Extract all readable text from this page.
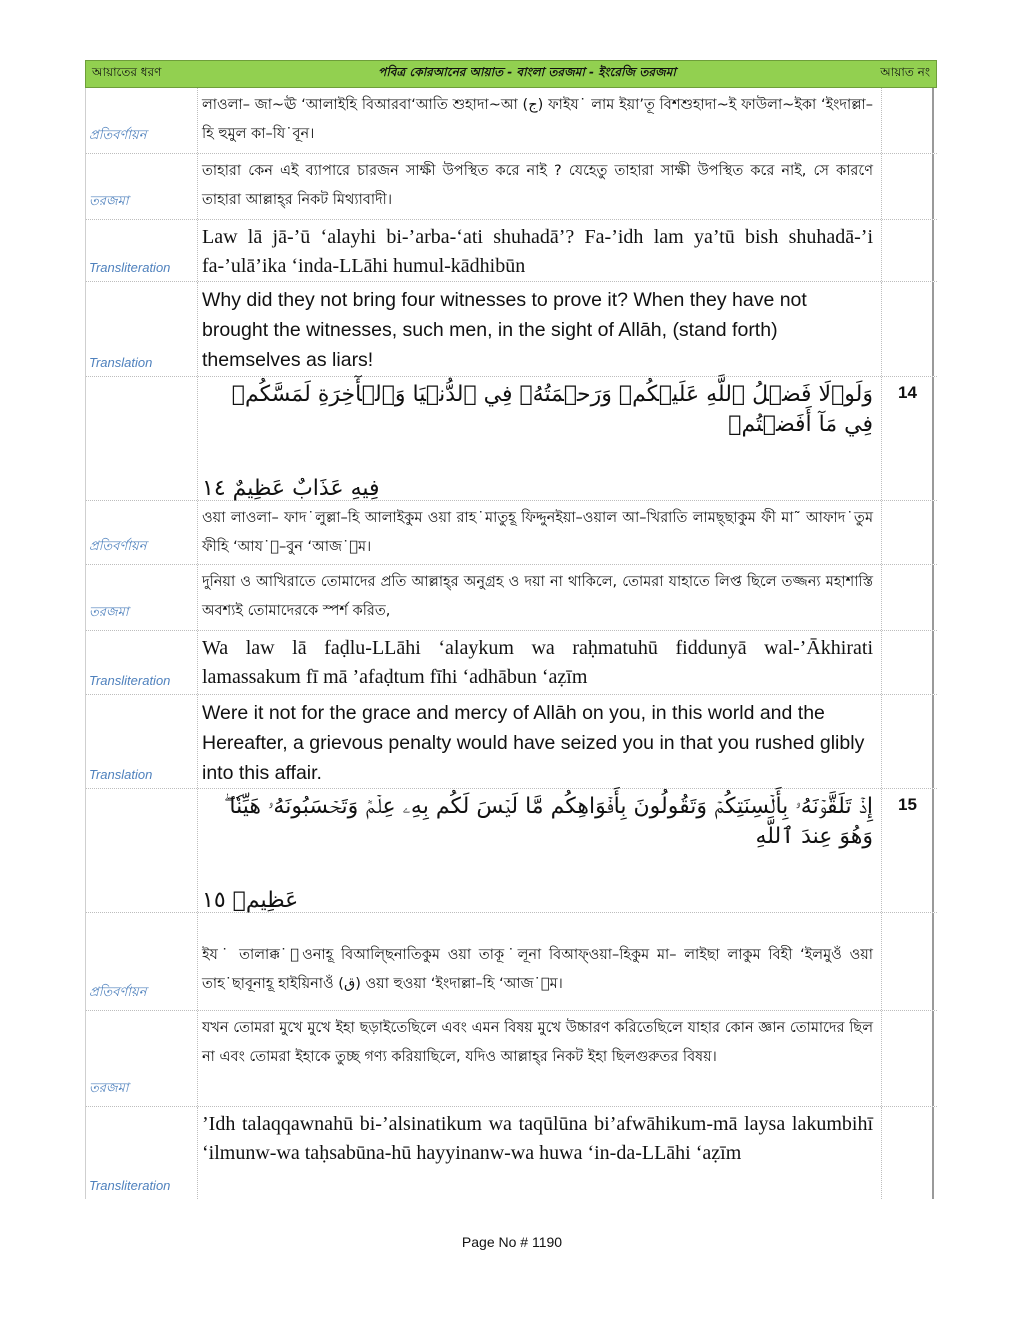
আয়াতের ধরণ	পবিত্র কোরআনের আয়াত - বাংলা তরজমা - ইংরেজি তরজমা	আয়াত নং
প্রতিবর্ণায়ন
লাওলা– জা~ঊ ‘আলাইহি বিআরবা‘আতি শুহাদা~আ (ج) ফাইয˙ লাম ইয়া’তূ বিশশুহাদা~ই ফাউলা~ইকা ‘ইংদাল্লা–হি হুমুল কা–যি˙বূন।
তরজমা
তাহারা কেন এই ব্যাপারে চারজন সাক্ষী উপস্থিত করে নাই ? যেহেতু তাহারা সাক্ষী উপস্থিত করে নাই, সে কারণে তাহারা আল্লাহ্‌র নিকট মিথ্যাবাদী।
Transliteration
Law lā jā-’ū ‘alayhi bi-’arba-‘ati shuhadā’? Fa-’idh lam ya’tū bish shuhadā-’i fa-’ulā’ika ‘inda-LLāhi humul-kādhibūn
Translation
Why did they not bring four witnesses to prove it? When they have not brought the witnesses, such men, in the sight of Allāh, (stand forth) themselves as liars!
وَلَوۡلَا فَضۡلُ ٱللَّهِ عَلَيۡكُمۡ وَرَحۡمَتُهُۥ فِي ٱلدُّنۡيَا وَٱلۡأٓخِرَةِ لَمَسَّكُمۡ فِي مَآ أَفَضۡتُمۡ
فِيهِ عَذَابٌ عَظِيمٌ ١٤
14
প্রতিবর্ণায়ন
ওয়া লাওলা– ফাদ˙লুল্লা–হি আলাইকুম ওয়া রাহ˙মাতুহূ ফিদ্দুনইয়া–ওয়াল আ–খিরাতি লামছ্ছাকুম ফী মা˜ আফাদ˙তুম ফীহি ‘আয˙া–বুন ‘আজ˙ীম।
তরজমা
দুনিয়া ও আখিরাতে তোমাদের প্রতি আল্লাহ্‌র অনুগ্রহ ও দয়া না থাকিলে, তোমরা যাহাতে লিপ্ত ছিলে তজ্জন্য মহাশাস্তি অবশ্যই তোমাদেরকে স্পর্শ করিত,
Transliteration
Wa law lā faḍlu-LLāhi ‘alaykum wa raḥmatuhū fiddunyā wal-’Ākhirati lamassakum fī mā ’afaḍtum fīhi ‘adhābun ‘aẓīm
Translation
Were it not for the grace and mercy of Allāh on you, in this world and the Hereafter, a grievous penalty would have seized you in that you rushed glibly into this affair.
إِذۡ تَلَقَّوۡنَهُۥ بِأَلۡسِنَتِكُمۡ وَتَقُولُونَ بِأَفۡوَاهِكُم مَّا لَيۡسَ لَكُم بِهِۦ عِلۡمٞ وَتَحۡسَبُونَهُۥ هَيِّنٗا ۖ وَهُوَ عِندَ ٱللَّهِ
عَظِيمٞ ١٥
15
প্রতিবর্ণায়ন
ইয˙ তালাক্ক˙াওনাহূ বিআল্ছিনাতিকুম ওয়া তাকূ˙লূনা বিআফ্ওয়া–হিকুম মা– লাইছা লাকুম বিহী ‘ইলমুওঁ ওয়া তাহ˙ছাবূনাহূ হাইয়িনাওঁ (ق) ওয়া হুওয়া ‘ইংদাল্লা–হি ‘আজ˙ীম।
তরজমা
যখন তোমরা মুখে মুখে ইহা ছড়াইতেছিলে এবং এমন বিষয় মুখে উচ্চারণ করিতেছিলে যাহার কোন জ্ঞান তোমাদের ছিল না এবং তোমরা ইহাকে তুচ্ছ গণ্য করিয়াছিলে, যদিও আল্লাহ্‌র নিকট ইহা ছিলগুরুতর বিষয়।
Transliteration
’Idh talaqqawnahū bi-’alsinatikum wa taqūlūna bi’afwāhikum-mā laysa lakumbihī ‘ilmunw-wa taḥsabūna-hū hayyinanw-wa huwa ‘in-da-LLāhi ‘aẓīm
Page No # 1190
